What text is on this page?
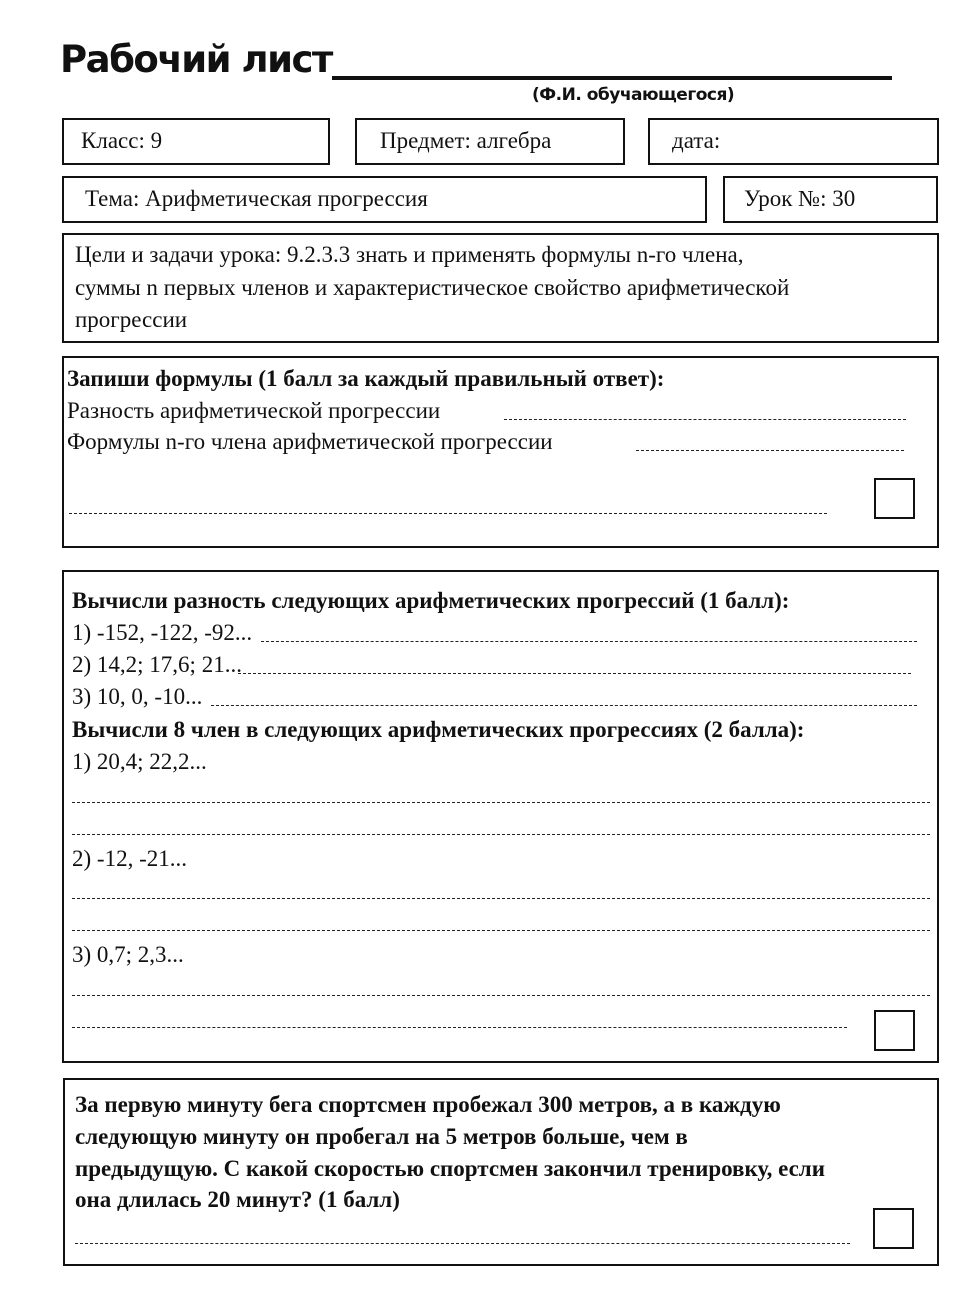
Рабочий лист
(Ф.И. обучающегося)
Класс: 9	Предмет: алгебра	дата:
Тема: Арифметическая прогрессия	Урок №: 30
Цели и задачи урока: 9.2.3.3 знать и применять формулы n-го члена,
суммы n первых членов и характеристическое свойство арифметической
прогрессии
Запиши формулы (1 балл за каждый правильный ответ):
Разность арифметической прогрессии
Формулы n-го члена арифметической прогрессии
Вычисли разность следующих арифметических прогрессий (1 балл):
1) -152, -122, -92...
2) 14,2; 17,6; 21...
3) 10, 0, -10...
Вычисли 8 член в следующих арифметических прогрессиях (2 балла):
1) 20,4; 22,2...
2) -12, -21...
3) 0,7; 2,3...
За первую минуту бега спортсмен пробежал 300 метров, а в каждую
следующую минуту он пробегал на 5 метров больше, чем в
предыдущую. С какой скоростью спортсмен закончил тренировку, если
она длилась 20 минут? (1 балл)
